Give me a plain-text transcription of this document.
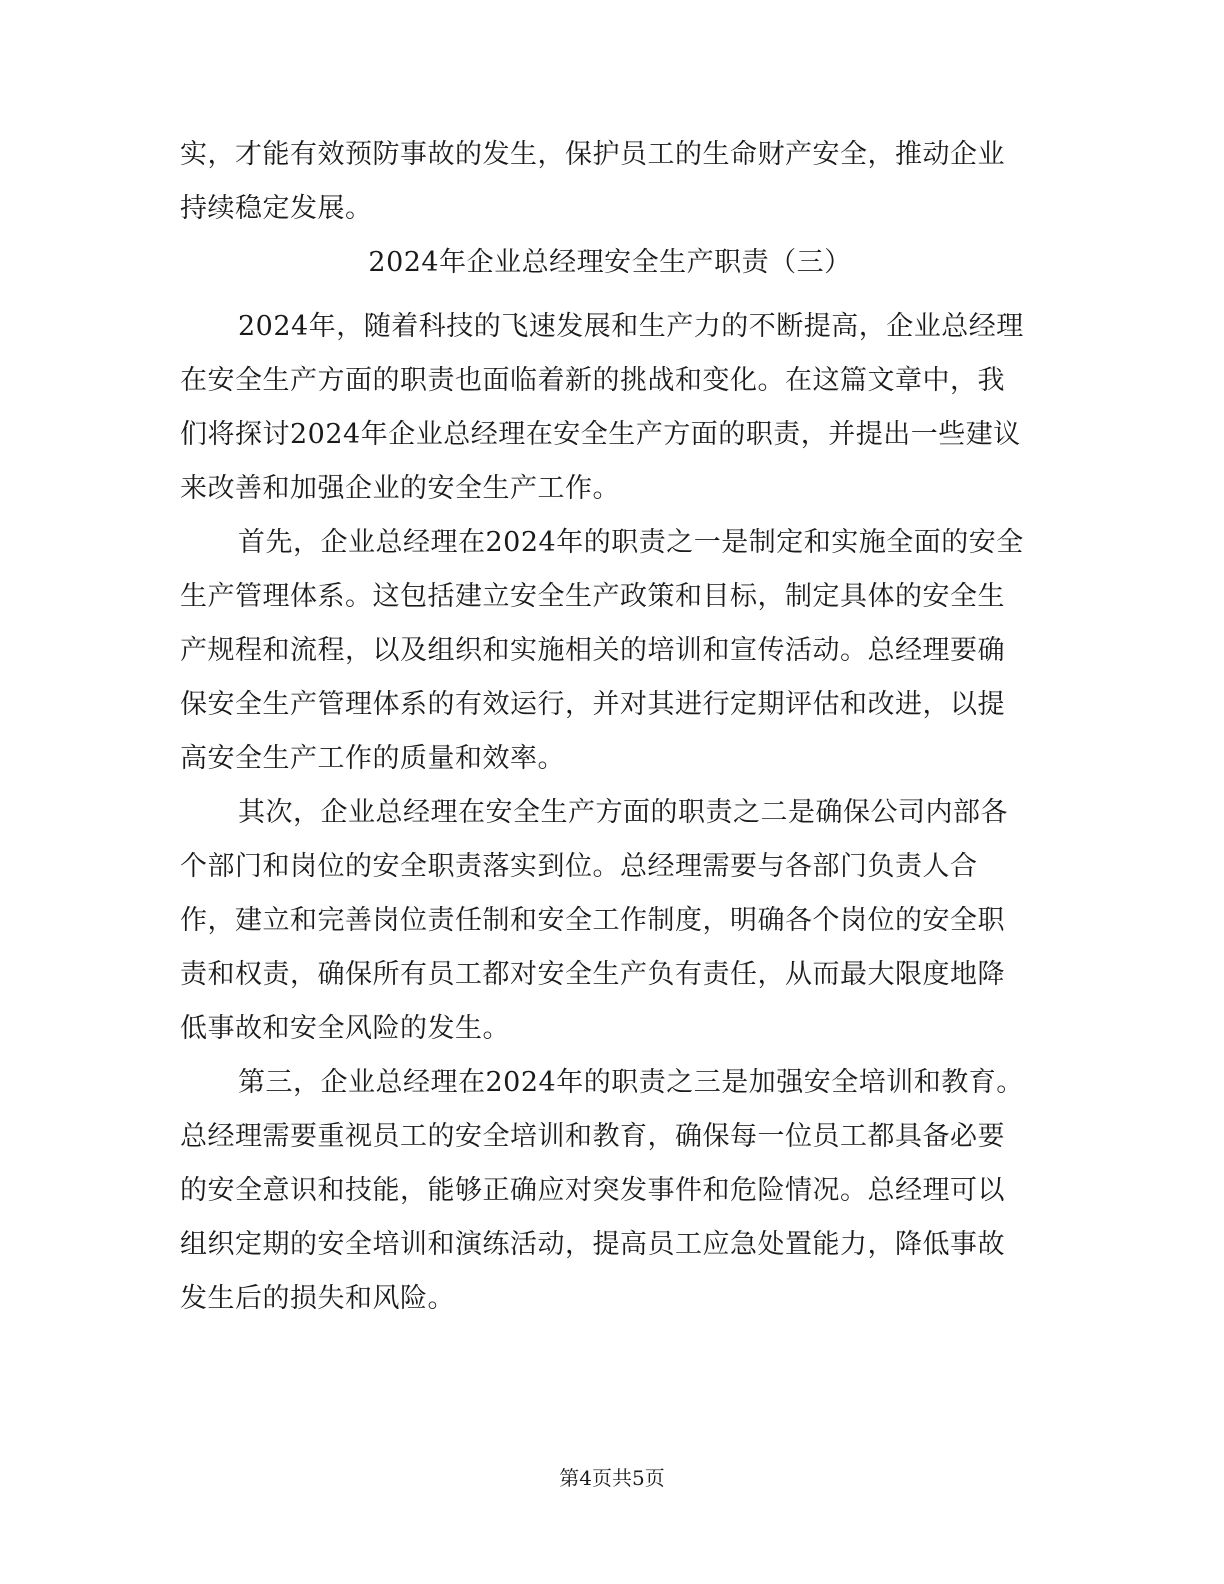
实，才能有效预防事故的发生，保护员工的生命财产安全，推动企业
持续稳定发展。
2024年企业总经理安全生产职责（三）
2024年，随着科技的飞速发展和生产力的不断提高，企业总经理
在安全生产方面的职责也面临着新的挑战和变化。在这篇文章中，我
们将探讨2024年企业总经理在安全生产方面的职责，并提出一些建议
来改善和加强企业的安全生产工作。
首先，企业总经理在2024年的职责之一是制定和实施全面的安全
生产管理体系。这包括建立安全生产政策和目标，制定具体的安全生
产规程和流程，以及组织和实施相关的培训和宣传活动。总经理要确
保安全生产管理体系的有效运行，并对其进行定期评估和改进，以提
高安全生产工作的质量和效率。
其次，企业总经理在安全生产方面的职责之二是确保公司内部各
个部门和岗位的安全职责落实到位。总经理需要与各部门负责人合
作，建立和完善岗位责任制和安全工作制度，明确各个岗位的安全职
责和权责，确保所有员工都对安全生产负有责任，从而最大限度地降
低事故和安全风险的发生。
第三，企业总经理在2024年的职责之三是加强安全培训和教育。
总经理需要重视员工的安全培训和教育，确保每一位员工都具备必要
的安全意识和技能，能够正确应对突发事件和危险情况。总经理可以
组织定期的安全培训和演练活动，提高员工应急处置能力，降低事故
发生后的损失和风险。
第4页共5页
